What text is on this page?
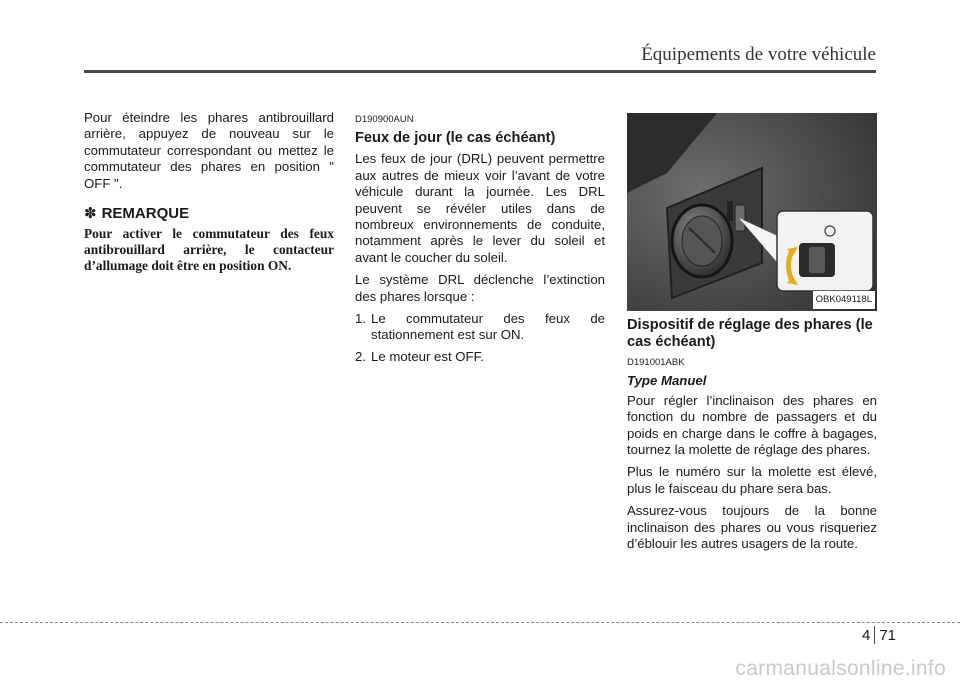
Équipements de votre véhicule

Pour éteindre les phares antibrouillard arrière, appuyez de nouveau sur le commutateur correspondant ou mettez le commutateur des phares en position " OFF ".

✽ REMARQUE

Pour activer le commutateur des feux antibrouillard arrière, le contacteur d’allumage doit être en position ON.

D190900AUN
Feux de jour (le cas échéant)

Les feux de jour (DRL) peuvent permettre aux autres de mieux voir l’avant de votre véhicule durant la journée. Les DRL peuvent se révéler utiles dans de nombreux environnements de conduite, notamment après le lever du soleil et avant le coucher du soleil.

Le système DRL déclenche l’extinction des phares lorsque :

1. Le commutateur des feux de stationnement est sur ON.
2. Le moteur est OFF.
OBK049118L
Dispositif de réglage des phares (le cas échéant)
D191001ABK
Type Manuel

Pour régler l’inclinaison des phares en fonction du nombre de passagers et du poids en charge dans le coffre à bagages, tournez la molette de réglage des phares.

Plus le numéro sur la molette est élevé, plus le faisceau du phare sera bas.

Assurez-vous toujours de la bonne inclinaison des phares ou vous risqueriez d’éblouir les autres usagers de la route.

4 71
carmanualsonline.info
